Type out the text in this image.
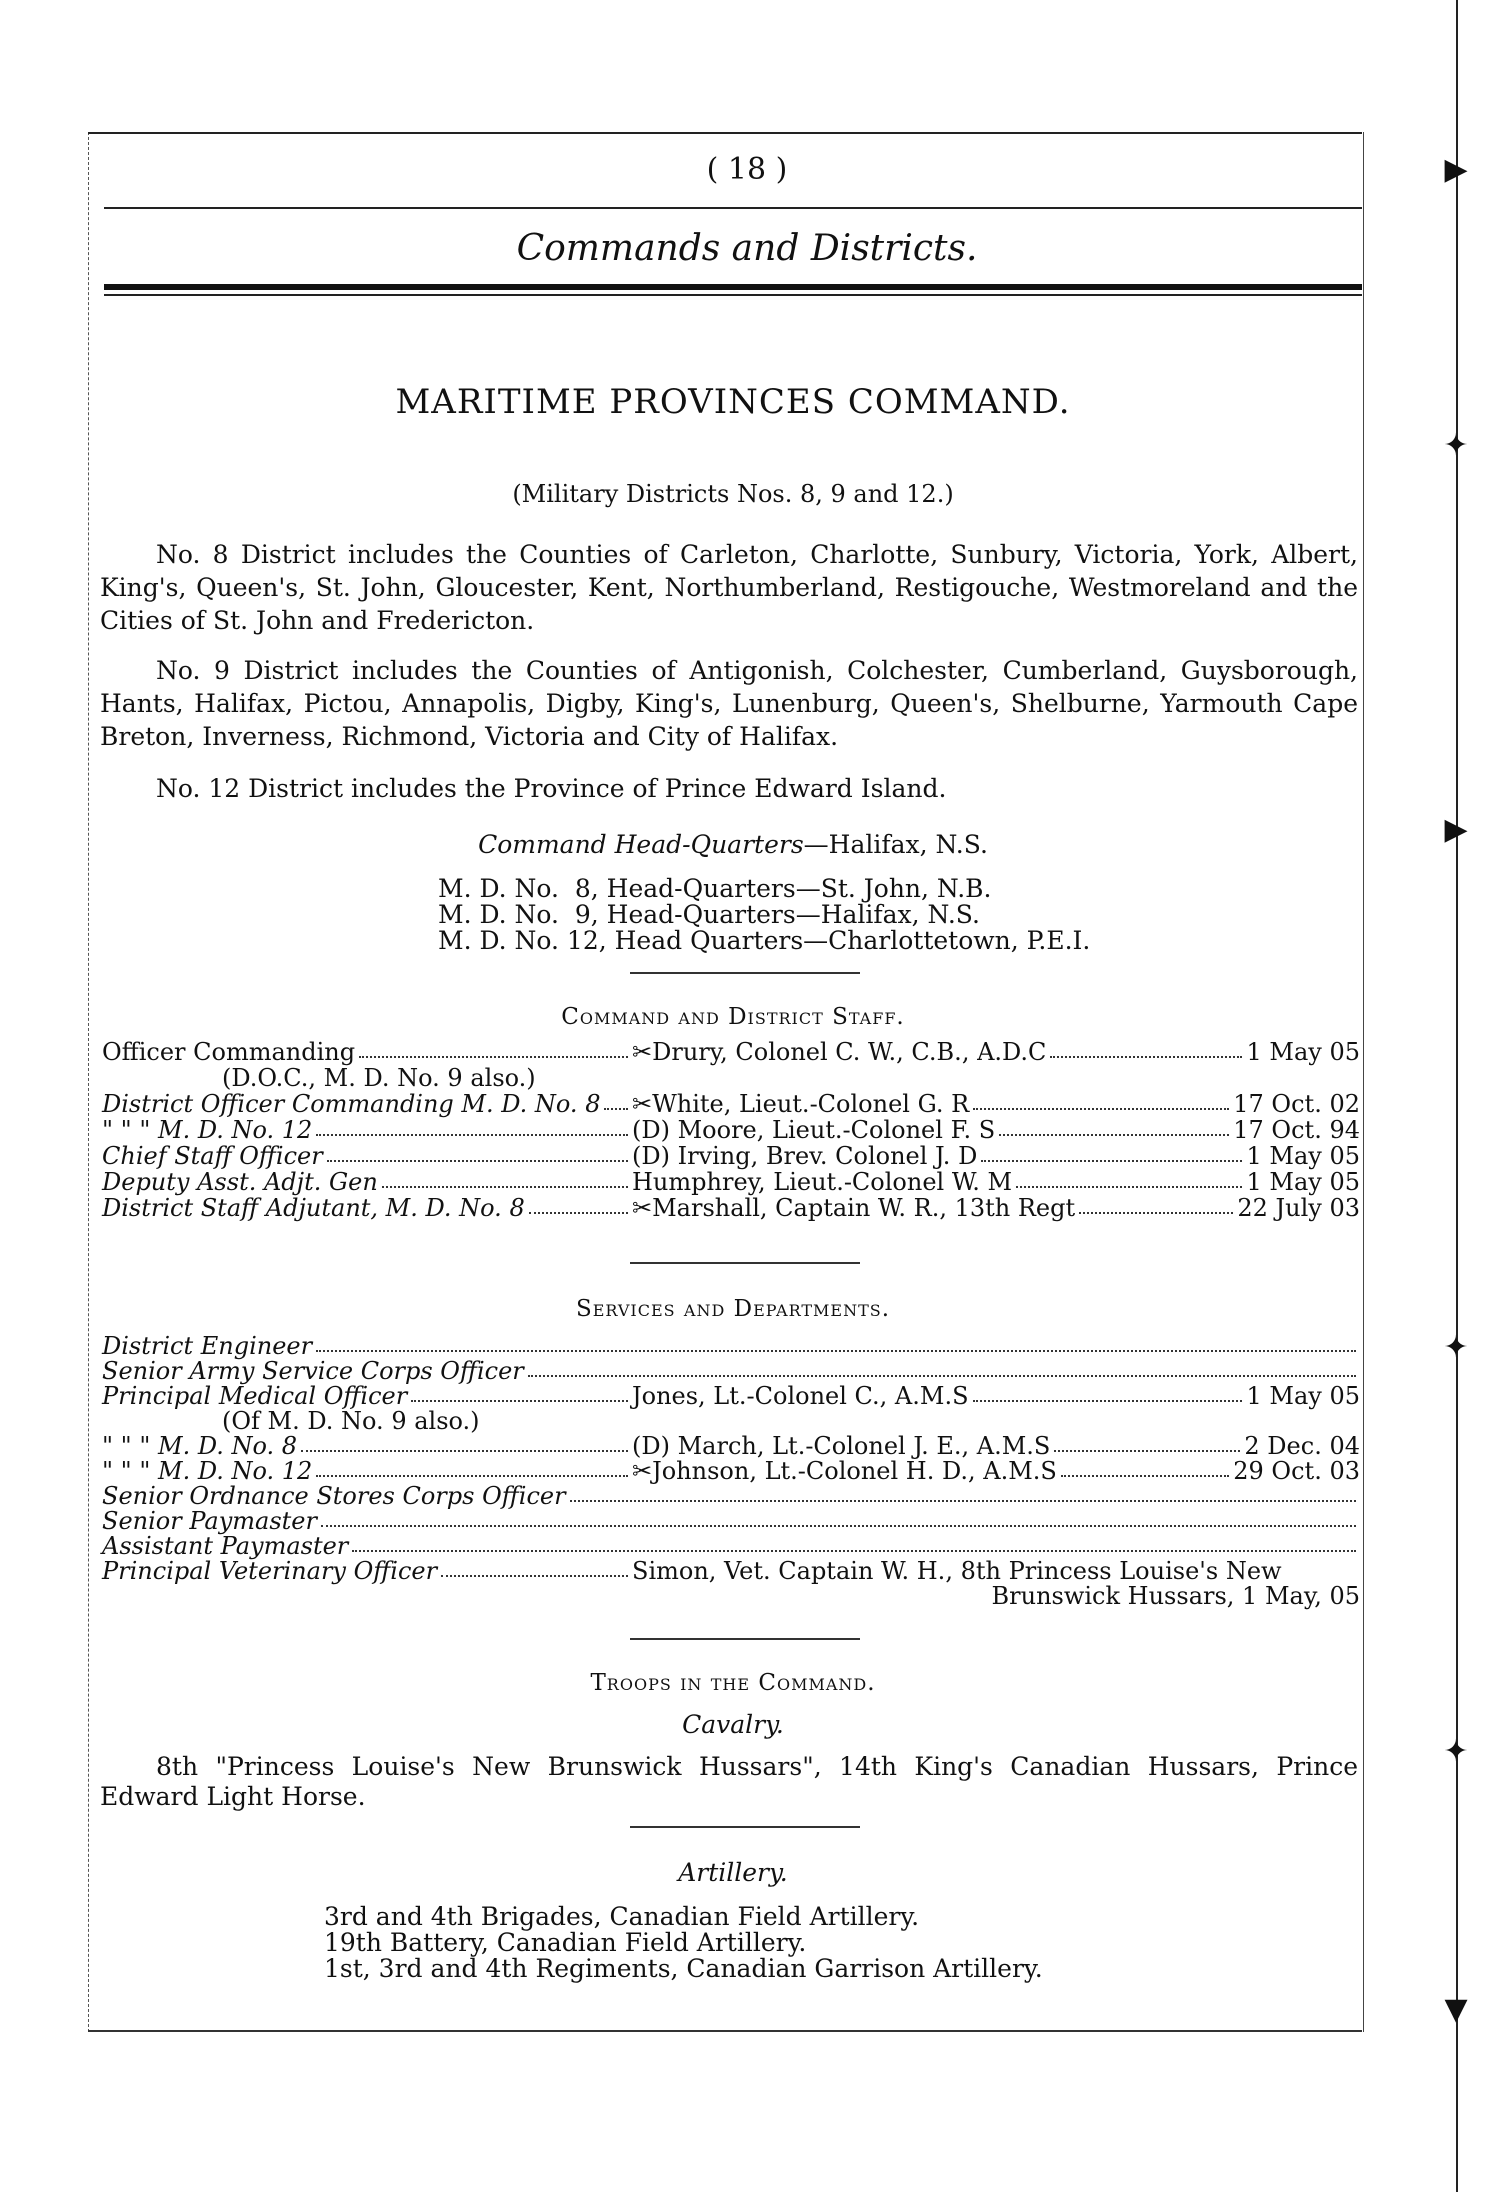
( 18 )
Commands and Districts.
MARITIME PROVINCES COMMAND.
(Military Districts Nos. 8, 9 and 12.)
No. 8 District includes the Counties of Carleton, Charlotte, Sunbury, Victoria, York, Albert, King's, Queen's, St. John, Gloucester, Kent, Northumberland, Restigouche, Westmoreland and the Cities of St. John and Fredericton.
No. 9 District includes the Counties of Antigonish, Colchester, Cumberland, Guysborough, Hants, Halifax, Pictou, Annapolis, Digby, King's, Lunenburg, Queen's, Shelburne, Yarmouth Cape Breton, Inverness, Richmond, Victoria and City of Halifax.
No. 12 District includes the Province of Prince Edward Island.
Command Head-Quarters—Halifax, N.S.
M. D. No.  8, Head-Quarters—St. John, N.B.
M. D. No.  9, Head-Quarters—Halifax, N.S.
M. D. No. 12, Head Quarters—Charlottetown, P.E.I.
Command and District Staff.
Officer Commanding	✂Drury, Colonel C. W., C.B., A.D.C	1 May 05
(D.O.C., M. D. No. 9 also.)
District Officer Commanding M. D. No. 8 ✂White, Lieut.-Colonel G. R	17 Oct. 02
" " " M. D. No. 12	(D) Moore, Lieut.-Colonel F. S	17 Oct. 94
Chief Staff Officer	(D) Irving, Brev. Colonel J. D	1 May 05
Deputy Asst. Adjt. Gen	Humphrey, Lieut.-Colonel W. M	1 May 05
District Staff Adjutant, M. D. No. 8	✂Marshall, Captain W. R., 13th Regt	22 July 03
Services and Departments.
District Engineer
Senior Army Service Corps Officer
Principal Medical Officer	Jones, Lt.-Colonel C., A.M.S	1 May 05
(Of M. D. No. 9 also.)
" " " M. D. No. 8	(D) March, Lt.-Colonel J. E., A.M.S	2 Dec. 04
" " " M. D. No. 12	✂Johnson, Lt.-Colonel H. D., A.M.S	29 Oct. 03
Senior Ordnance Stores Corps Officer
Senior Paymaster
Assistant Paymaster
Principal Veterinary Officer	Simon, Vet. Captain W. H., 8th Princess Louise's New
Brunswick Hussars, 1 May, 05
Troops in the Command.
Cavalry.
8th "Princess Louise's New Brunswick Hussars", 14th King's Canadian Hussars, Prince Edward Light Horse.
Artillery.
3rd and 4th Brigades, Canadian Field Artillery.
19th Battery, Canadian Field Artillery.
1st, 3rd and 4th Regiments, Canadian Garrison Artillery.
▶
✦
▶
✦
✦
▼
